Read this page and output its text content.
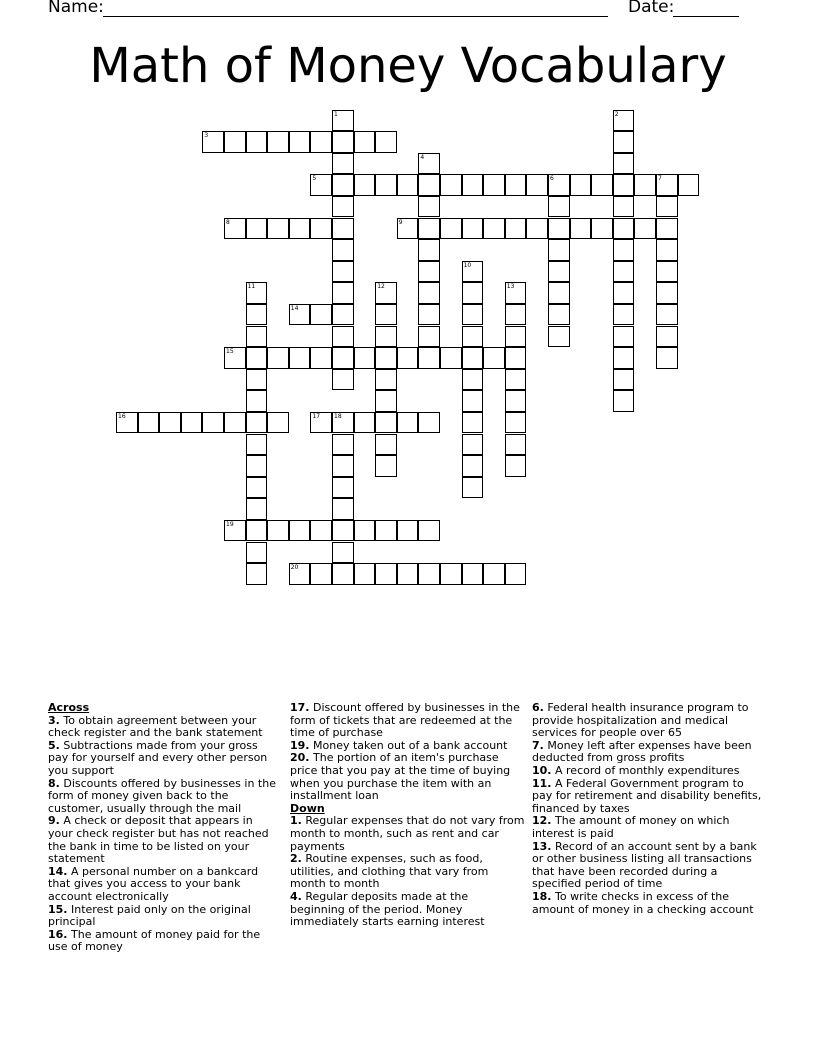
Name:	Date:
Math of Money Vocabulary
3
5	6	7
8	9
14
15
16	17 18
19
20
1	2
4
10
11	12	13

Across

3. To obtain agreement between your check register and the bank statement

5. Subtractions made from your gross pay for yourself and every other person you support

8. Discounts offered by businesses in the form of money given back to the customer, usually through the mail

9. A check or deposit that appears in your check register but has not reached the bank in time to be listed on your statement

14. A personal number on a bankcard that gives you access to your bank account electronically

15. Interest paid only on the original principal

16. The amount of money paid for the use of money

17. Discount offered by businesses in the form of tickets that are redeemed at the time of purchase

19. Money taken out of a bank account

20. The portion of an item's purchase price that you pay at the time of buying when you purchase the item with an installment loan

Down

1. Regular expenses that do not vary from month to month, such as rent and car payments

2. Routine expenses, such as food, utilities, and clothing that vary from month to month

4. Regular deposits made at the beginning of the period. Money immediately starts earning interest

6. Federal health insurance program to provide hospitalization and medical services for people over 65

7. Money left after expenses have been deducted from gross profits

10. A record of monthly expenditures

11. A Federal Government program to pay for retirement and disability benefits, financed by taxes

12. The amount of money on which interest is paid

13. Record of an account sent by a bank or other business listing all transactions that have been recorded during a specified period of time

18. To write checks in excess of the amount of money in a checking account
